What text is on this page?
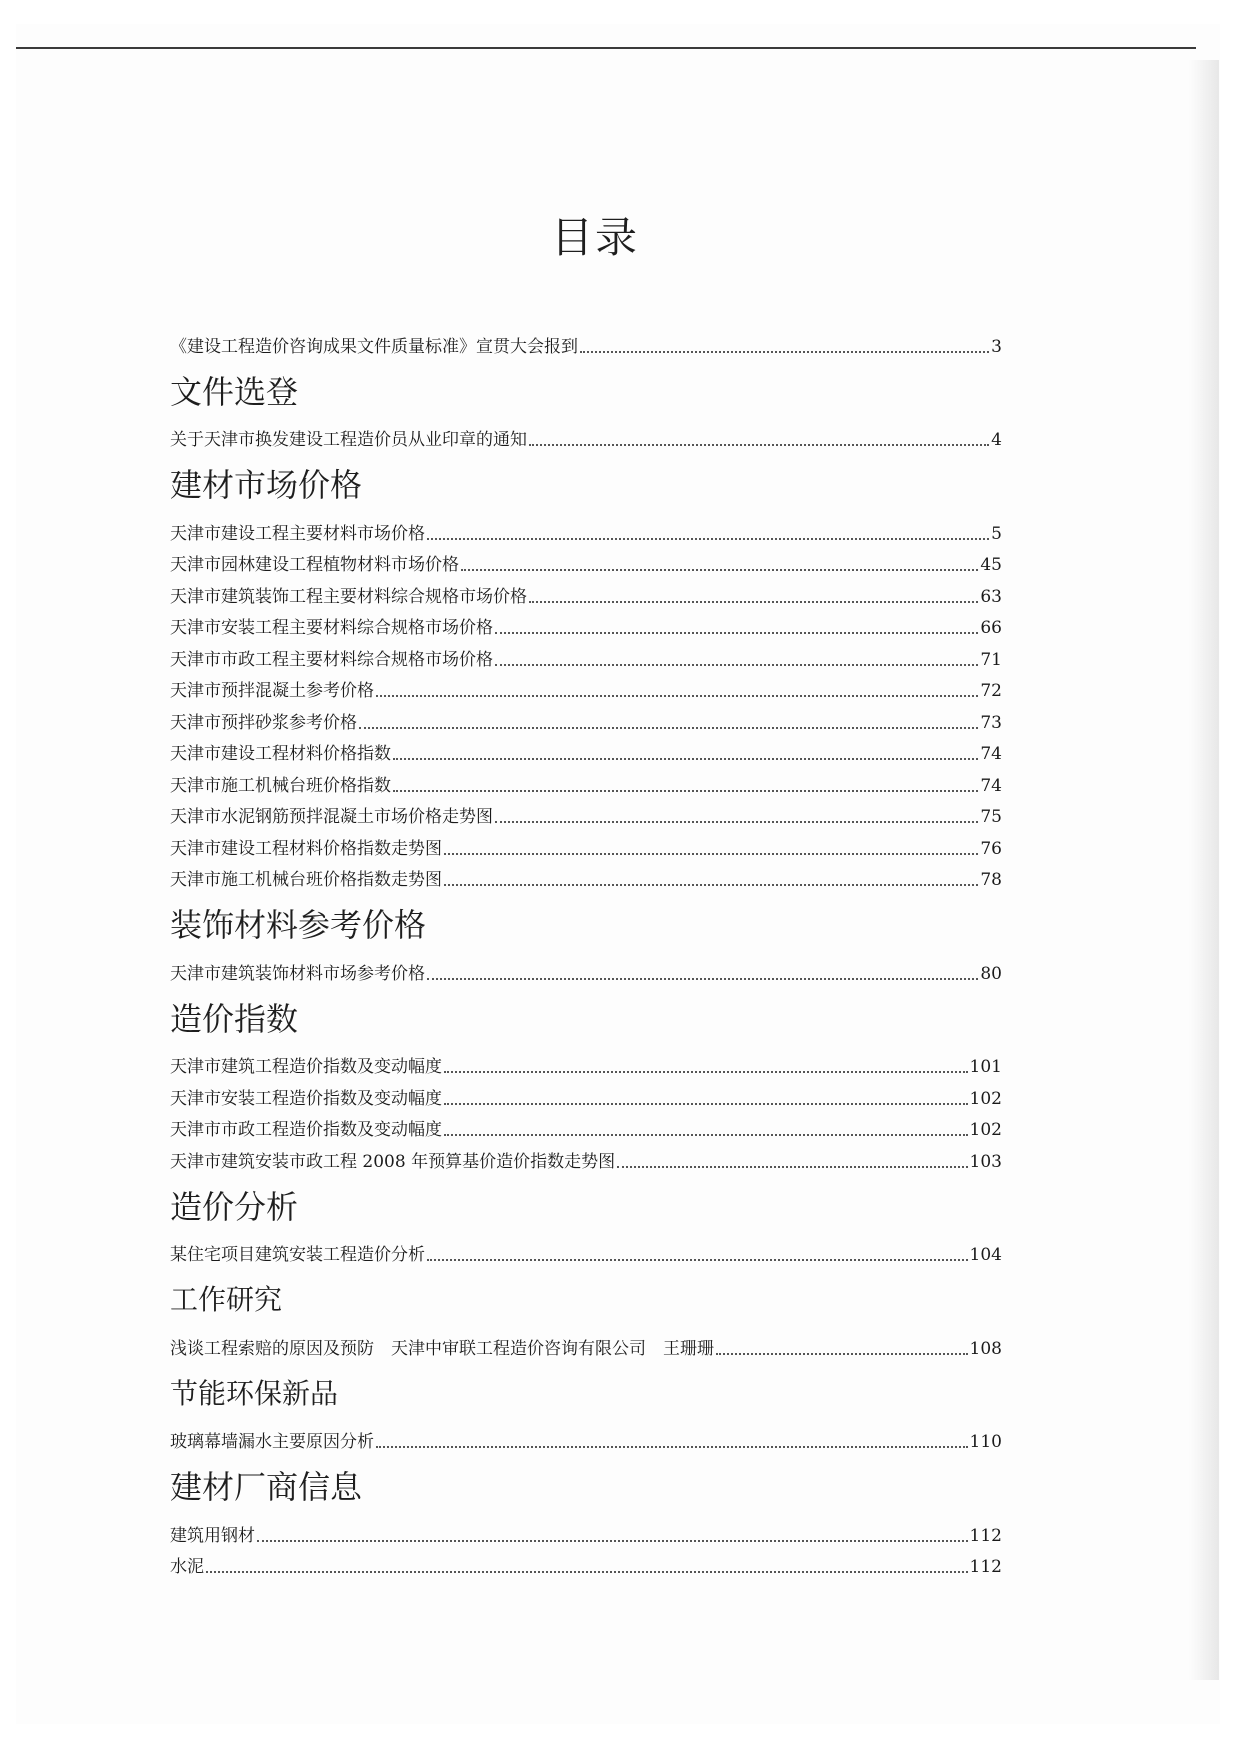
目录
《建设工程造价咨询成果文件质量标准》宣贯大会报到	3
文件选登
关于天津市换发建设工程造价员从业印章的通知	4
建材市场价格
天津市建设工程主要材料市场价格	5
天津市园林建设工程植物材料市场价格	45
天津市建筑装饰工程主要材料综合规格市场价格	63
天津市安装工程主要材料综合规格市场价格	66
天津市市政工程主要材料综合规格市场价格	71
天津市预拌混凝土参考价格	72
天津市预拌砂浆参考价格	73
天津市建设工程材料价格指数	74
天津市施工机械台班价格指数	74
天津市水泥钢筋预拌混凝土市场价格走势图	75
天津市建设工程材料价格指数走势图	76
天津市施工机械台班价格指数走势图	78
装饰材料参考价格
天津市建筑装饰材料市场参考价格	80
造价指数
天津市建筑工程造价指数及变动幅度	101
天津市安装工程造价指数及变动幅度	102
天津市市政工程造价指数及变动幅度	102
天津市建筑安装市政工程 2008 年预算基价造价指数走势图	103
造价分析
某住宅项目建筑安装工程造价分析	104
工作研究
浅谈工程索赔的原因及预防　天津中审联工程造价咨询有限公司　王珊珊	108
节能环保新品
玻璃幕墙漏水主要原因分析	110
建材厂商信息
建筑用钢材	112
水泥	112
